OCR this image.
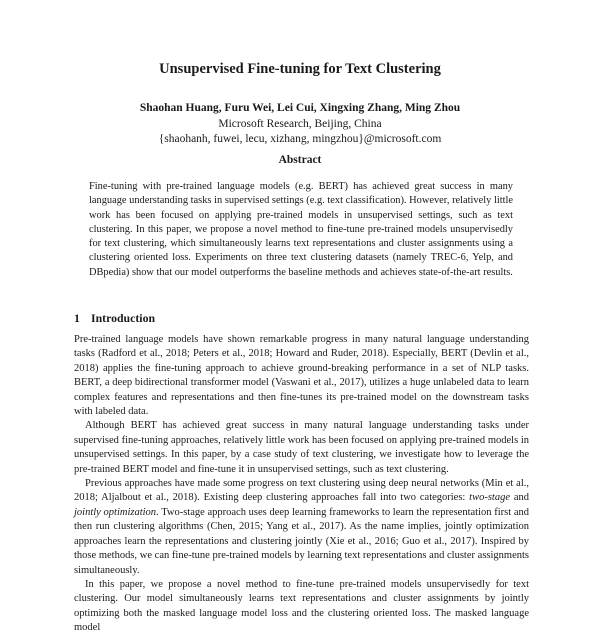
Unsupervised Fine-tuning for Text Clustering
Shaohan Huang, Furu Wei, Lei Cui, Xingxing Zhang, Ming Zhou
Microsoft Research, Beijing, China
{shaohanh, fuwei, lecu, xizhang, mingzhou}@microsoft.com
Abstract

Fine-tuning with pre-trained language models (e.g. BERT) has achieved great success in many language understanding tasks in supervised settings (e.g. text classification). However, relatively little work has been focused on applying pre-trained models in unsupervised settings, such as text clustering. In this paper, we propose a novel method to fine-tune pre-trained models unsupervisedly for text clustering, which simultaneously learns text representations and cluster assignments using a clustering oriented loss. Experiments on three text clustering datasets (namely TREC-6, Yelp, and DBpedia) show that our model outperforms the baseline methods and achieves state-of-the-art results.

1 Introduction

Pre-trained language models have shown remarkable progress in many natural language understanding tasks (Radford et al., 2018; Peters et al., 2018; Howard and Ruder, 2018). Especially, BERT (Devlin et al., 2018) applies the fine-tuning approach to achieve ground-breaking performance in a set of NLP tasks. BERT, a deep bidirectional transformer model (Vaswani et al., 2017), utilizes a huge unlabeled data to learn complex features and representations and then fine-tunes its pre-trained model on the downstream tasks with labeled data.

Although BERT has achieved great success in many natural language understanding tasks under supervised fine-tuning approaches, relatively little work has been focused on applying pre-trained models in unsupervised settings. In this paper, by a case study of text clustering, we investigate how to leverage the pre-trained BERT model and fine-tune it in unsupervised settings, such as text clustering.

Previous approaches have made some progress on text clustering using deep neural networks (Min et al., 2018; Aljalbout et al., 2018). Existing deep clustering approaches fall into two categories: two-stage and jointly optimization. Two-stage approach uses deep learning frameworks to learn the representation first and then run clustering algorithms (Chen, 2015; Yang et al., 2017). As the name implies, jointly optimization approaches learn the representations and clustering jointly (Xie et al., 2016; Guo et al., 2017). Inspired by those methods, we can fine-tune pre-trained models by learning text representations and cluster assignments simultaneously.

In this paper, we propose a novel method to fine-tune pre-trained models unsupervisedly for text clustering. Our model simultaneously learns text representations and cluster assignments by jointly optimizing both the masked language model loss and the clustering oriented loss. The masked language model
